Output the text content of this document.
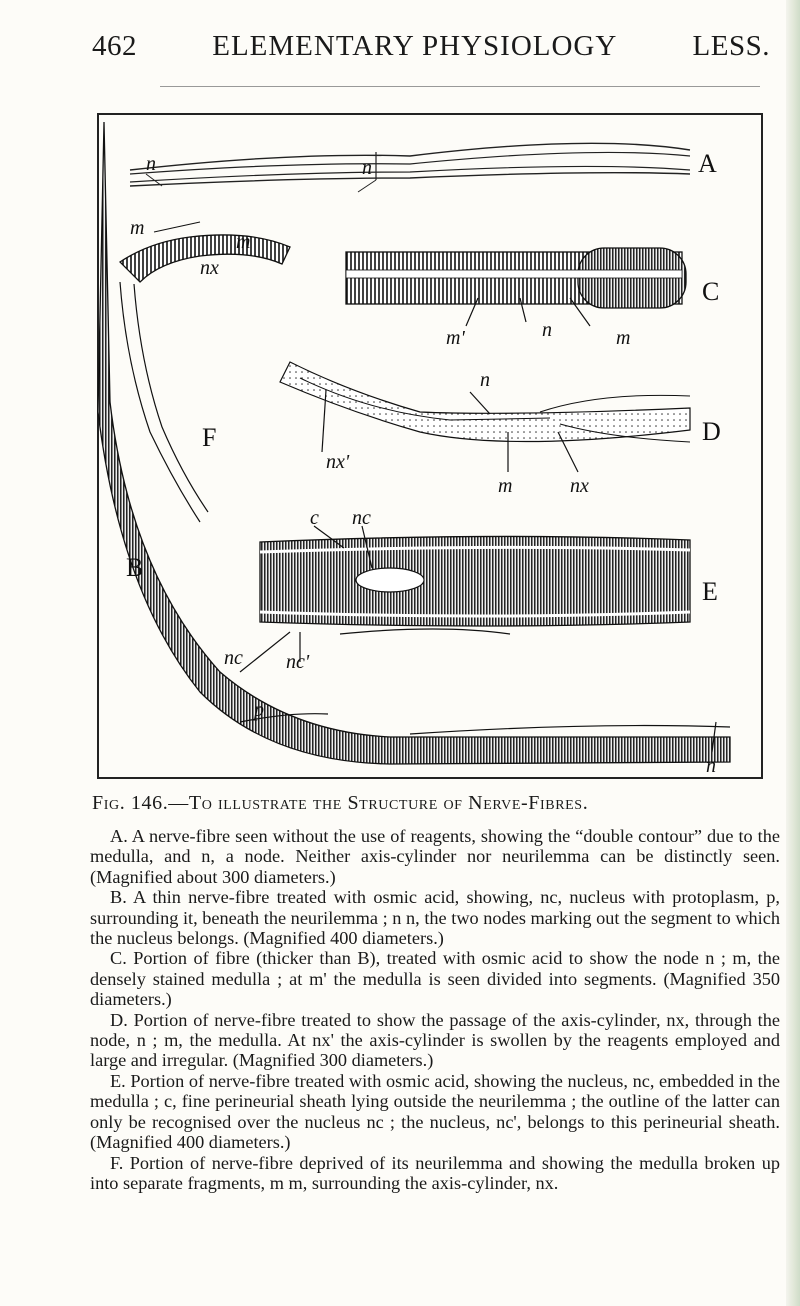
462	ELEMENTARY PHYSIOLOGY	LESS.
A
C
D
E
F
B
n	n
m
m
nx
m'	n	m
n
nx'
m	nx
c nc
nc nc'
p
n
Fig. 146.—To illustrate the Structure of Nerve-Fibres.

A. A nerve-fibre seen without the use of reagents, showing the “double contour” due to the medulla, and n, a node. Neither axis-cylinder nor neurilemma can be distinctly seen. (Magnified about 300 diameters.)

B. A thin nerve-fibre treated with osmic acid, showing, nc, nucleus with protoplasm, p, surrounding it, beneath the neurilemma ; n n, the two nodes marking out the segment to which the nucleus belongs. (Magnified 400 diameters.)

C. Portion of fibre (thicker than B), treated with osmic acid to show the node n ; m, the densely stained medulla ; at m' the medulla is seen divided into segments. (Magnified 350 diameters.)

D. Portion of nerve-fibre treated to show the passage of the axis-cylinder, nx, through the node, n ; m, the medulla. At nx' the axis-cylinder is swollen by the reagents employed and large and irregular. (Magnified 300 diameters.)

E. Portion of nerve-fibre treated with osmic acid, showing the nucleus, nc, embedded in the medulla ; c, fine perineurial sheath lying outside the neurilemma ; the outline of the latter can only be recognised over the nucleus nc ; the nucleus, nc', belongs to this perineurial sheath. (Magnified 400 diameters.)

F. Portion of nerve-fibre deprived of its neurilemma and showing the medulla broken up into separate fragments, m m, surrounding the axis-cylinder, nx.
